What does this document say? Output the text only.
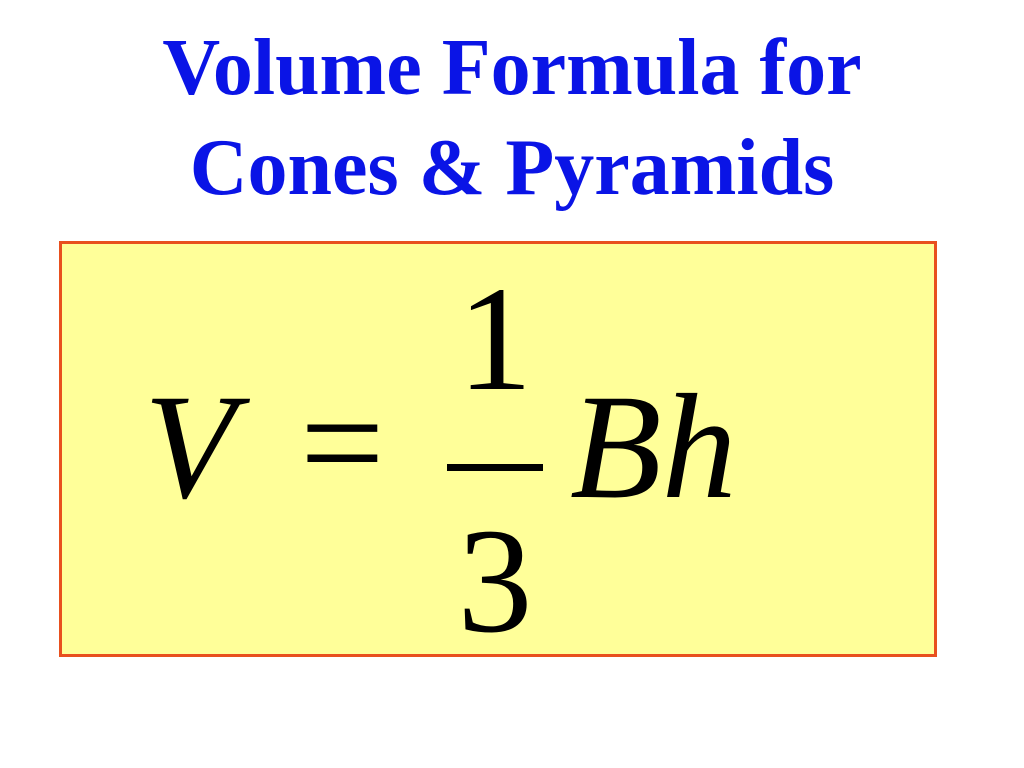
Volume Formula for
Cones & Pyramids
V =
1
3
Bh
